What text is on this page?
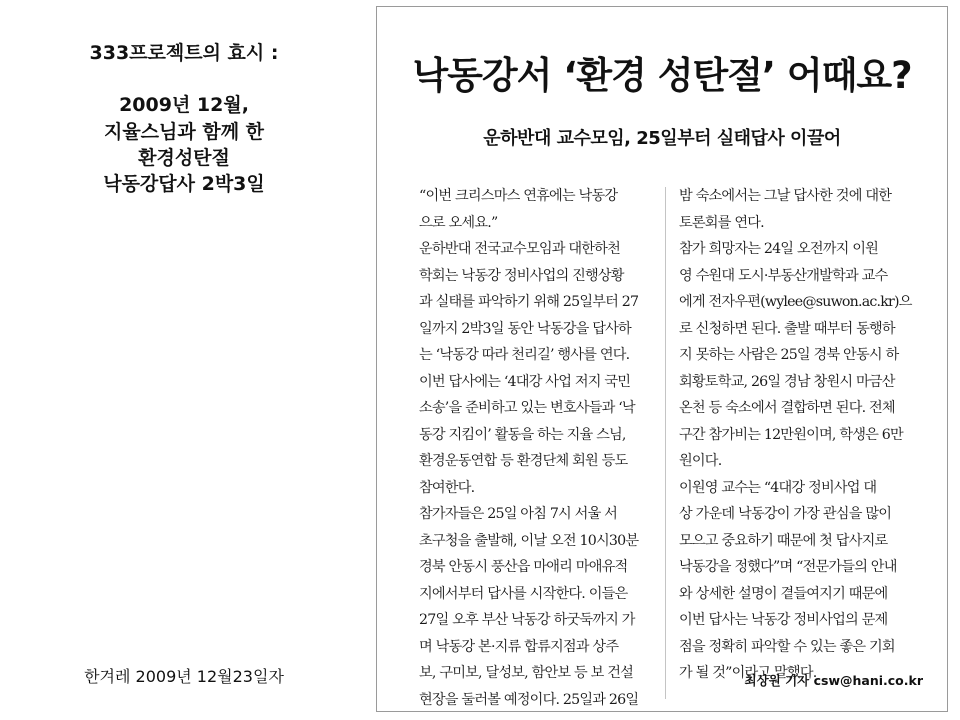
333프로젝트의 효시 :

2009년 12월,
지율스님과 함께 한
환경성탄절
낙동강답사 2박3일
한겨레 2009년 12월23일자
낙동강서 ‘환경 성탄절’ 어때요?
운하반대 교수모임, 25일부터 실태답사 이끌어
“이번 크리스마스 연휴에는 낙동강
으로 오세요.”
운하반대 전국교수모임과 대한하천
학회는 낙동강 정비사업의 진행상황
과 실태를 파악하기 위해 25일부터 27
일까지 2박3일 동안 낙동강을 답사하
는 ‘낙동강 따라 천리길’ 행사를 연다.
이번 답사에는 ‘4대강 사업 저지 국민
소송’을 준비하고 있는 변호사들과 ‘낙
동강 지킴이’ 활동을 하는 지율 스님,
환경운동연합 등 환경단체 회원 등도
참여한다.
참가자들은 25일 아침 7시 서울 서
초구청을 출발해, 이날 오전 10시30분
경북 안동시 풍산읍 마애리 마애유적
지에서부터 답사를 시작한다. 이들은
27일 오후 부산 낙동강 하굿둑까지 가
며 낙동강 본·지류 합류지점과 상주
보, 구미보, 달성보, 함안보 등 보 건설
현장을 둘러볼 예정이다. 25일과 26일
밤 숙소에서는 그날 답사한 것에 대한
토론회를 연다.
참가 희망자는 24일 오전까지 이원
영 수원대 도시·부동산개발학과 교수
에게 전자우편(wylee@suwon.ac.kr)으
로 신청하면 된다. 출발 때부터 동행하
지 못하는 사람은 25일 경북 안동시 하
회황토학교, 26일 경남 창원시 마금산
온천 등 숙소에서 결합하면 된다. 전체
구간 참가비는 12만원이며, 학생은 6만
원이다.
이원영 교수는 “4대강 정비사업 대
상 가운데 낙동강이 가장 관심을 많이
모으고 중요하기 때문에 첫 답사지로
낙동강을 정했다”며 “전문가들의 안내
와 상세한 설명이 곁들여지기 때문에
이번 답사는 낙동강 정비사업의 문제
점을 정확히 파악할 수 있는 좋은 기회
가 될 것”이라고 말했다.
최상원 기자 csw@hani.co.kr
